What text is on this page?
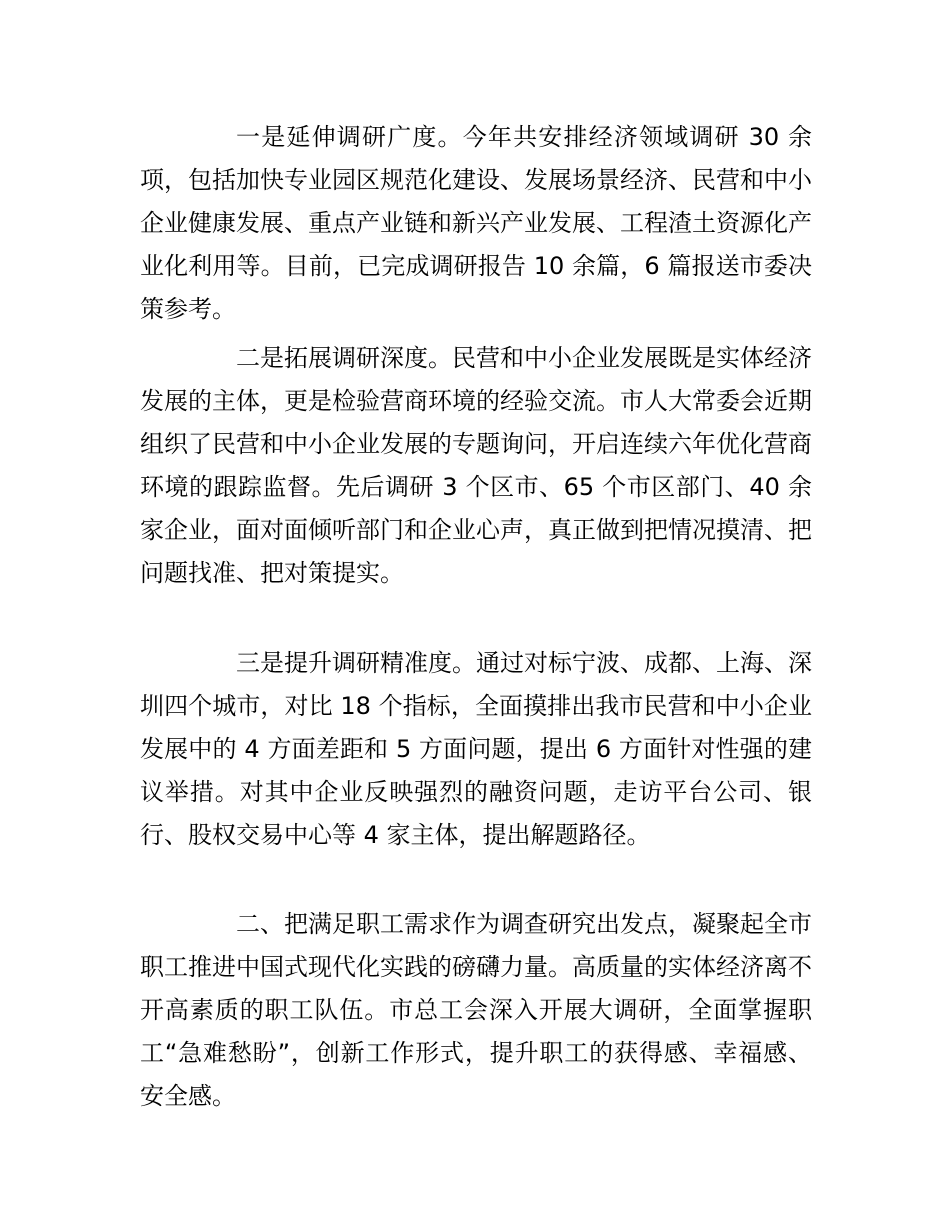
一是延伸调研广度。今年共安排经济领域调研 30 余项，包括加快专业园区规范化建设、发展场景经济、民营和中小企业健康发展、重点产业链和新兴产业发展、工程渣土资源化产业化利用等。目前，已完成调研报告 10 余篇，6 篇报送市委决策参考。

二是拓展调研深度。民营和中小企业发展既是实体经济发展的主体，更是检验营商环境的经验交流。市人大常委会近期组织了民营和中小企业发展的专题询问，开启连续六年优化营商环境的跟踪监督。先后调研 3 个区市、65 个市区部门、40 余家企业，面对面倾听部门和企业心声，真正做到把情况摸清、把问题找准、把对策提实。

三是提升调研精准度。通过对标宁波、成都、上海、深圳四个城市，对比 18 个指标，全面摸排出我市民营和中小企业发展中的 4 方面差距和 5 方面问题，提出 6 方面针对性强的建议举措。对其中企业反映强烈的融资问题，走访平台公司、银行、股权交易中心等 4 家主体，提出解题路径。

二、把满足职工需求作为调查研究出发点，凝聚起全市职工推进中国式现代化实践的磅礴力量。高质量的实体经济离不开高素质的职工队伍。市总工会深入开展大调研，全面掌握职工“急难愁盼”，创新工作形式，提升职工的获得感、幸福感、安全感。
